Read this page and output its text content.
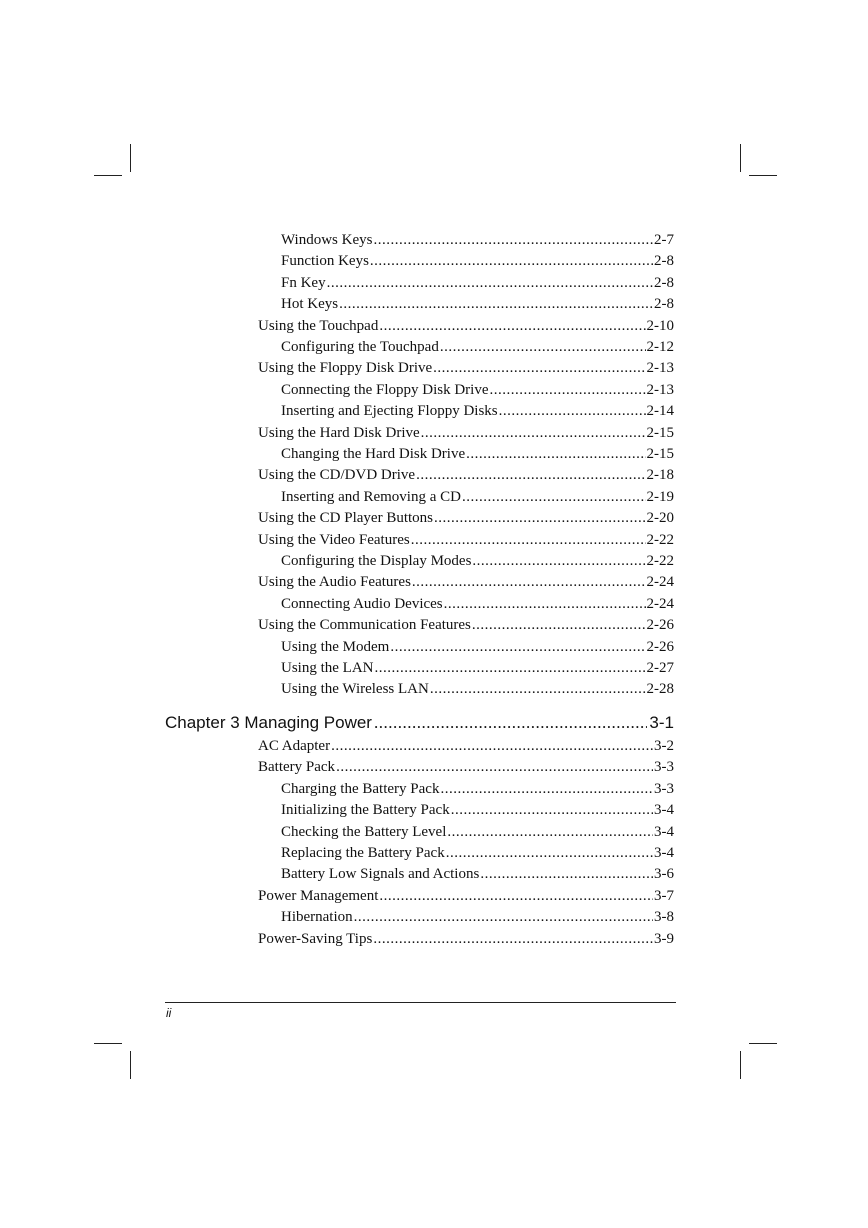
Windows Keys .....	2-7
Function Keys .....	2-8
Fn Key .....	2-8
Hot Keys .....	2-8
Using the Touchpad .....	2-10
Configuring the Touchpad .....	2-12
Using the Floppy Disk Drive .....	2-13
Connecting the Floppy Disk Drive .....	2-13
Inserting and Ejecting Floppy Disks .....	2-14
Using the Hard Disk Drive .....	2-15
Changing the Hard Disk Drive .....	2-15
Using the CD/DVD Drive .....	2-18
Inserting and Removing a CD .....	2-19
Using the CD Player Buttons .....	2-20
Using the Video Features .....	2-22
Configuring the Display Modes .....	2-22
Using the Audio Features .....	2-24
Connecting Audio Devices .....	2-24
Using the Communication Features .....	2-26
Using the Modem .....	2-26
Using the LAN .....	2-27
Using the Wireless LAN .....	2-28
Chapter 3 Managing Power .....	3-1
AC Adapter .....	3-2
Battery Pack .....	3-3
Charging the Battery Pack .....	3-3
Initializing the Battery Pack .....	3-4
Checking the Battery Level .....	3-4
Replacing the Battery Pack .....	3-4
Battery Low Signals and Actions .....	3-6
Power Management .....	3-7
Hibernation .....	3-8
Power-Saving Tips .....	3-9
ii
